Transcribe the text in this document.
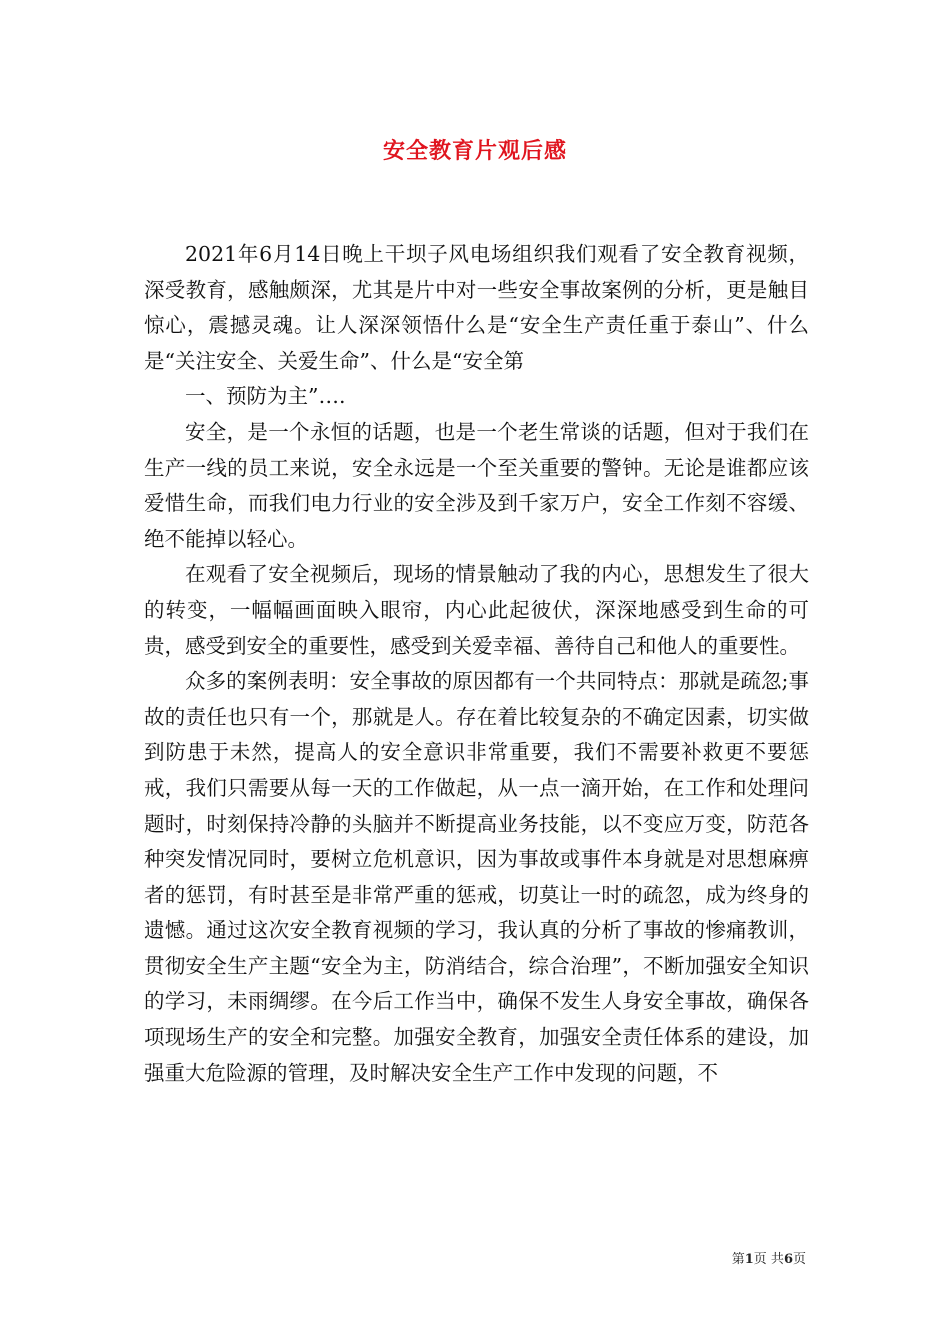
安全教育片观后感

2021年6月14日晚上干坝子风电场组织我们观看了安全教育视频，深受教育，感触颇深，尤其是片中对一些安全事故案例的分析，更是触目惊心，震撼灵魂。让人深深领悟什么是“安全生产责任重于泰山”、什么是“关注安全、关爱生命”、什么是“安全第

一、预防为主”….

安全，是一个永恒的话题，也是一个老生常谈的话题，但对于我们在生产一线的员工来说，安全永远是一个至关重要的警钟。无论是谁都应该爱惜生命，而我们电力行业的安全涉及到千家万户，安全工作刻不容缓、绝不能掉以轻心。

在观看了安全视频后，现场的情景触动了我的内心，思想发生了很大的转变，一幅幅画面映入眼帘，内心此起彼伏，深深地感受到生命的可贵，感受到安全的重要性，感受到关爱幸福、善待自己和他人的重要性。

众多的案例表明：安全事故的原因都有一个共同特点：那就是疏忽;事故的责任也只有一个，那就是人。存在着比较复杂的不确定因素，切实做到防患于未然，提高人的安全意识非常重要，我们不需要补救更不要惩戒，我们只需要从每一天的工作做起，从一点一滴开始，在工作和处理问题时，时刻保持冷静的头脑并不断提高业务技能，以不变应万变，防范各种突发情况同时，要树立危机意识，因为事故或事件本身就是对思想麻痹者的惩罚，有时甚至是非常严重的惩戒，切莫让一时的疏忽，成为终身的遗憾。通过这次安全教育视频的学习，我认真的分析了事故的惨痛教训，贯彻安全生产主题“安全为主，防消结合，综合治理”，不断加强安全知识的学习，未雨绸缪。在今后工作当中，确保不发生人身安全事故，确保各项现场生产的安全和完整。加强安全教育，加强安全责任体系的建设，加强重大危险源的管理，及时解决安全生产工作中发现的问题，不

第1页 共6页
